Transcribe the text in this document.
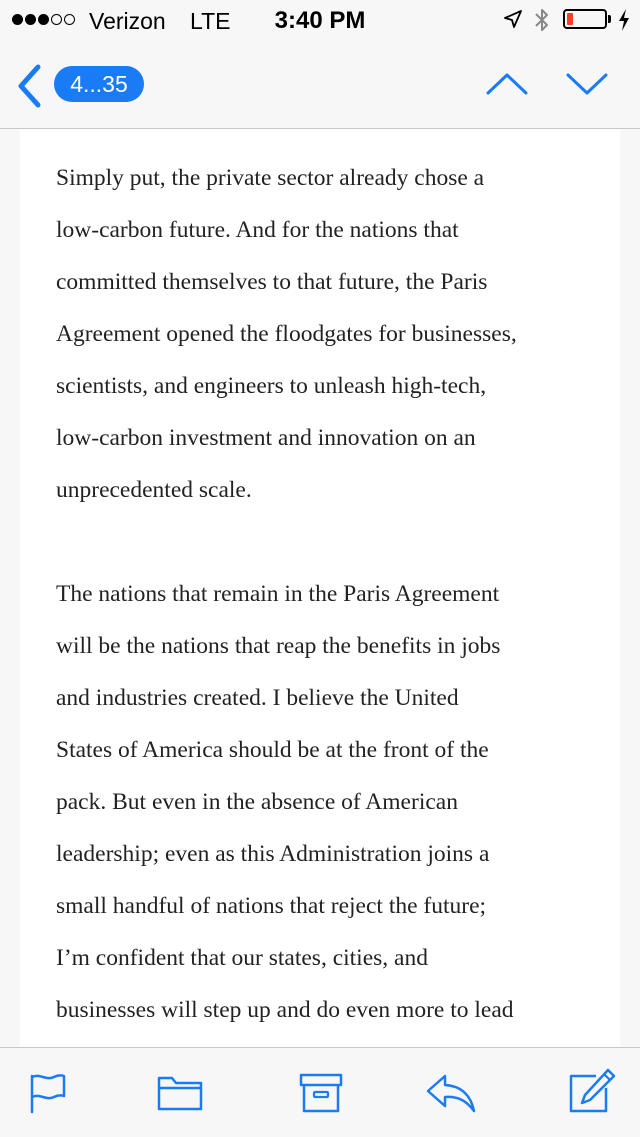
Verizon LTE	3:40 PM
4...35

Simply put, the private sector already chose a
low-carbon future. And for the nations that
committed themselves to that future, the Paris
Agreement opened the floodgates for businesses,
scientists, and engineers to unleash high-tech,
low-carbon investment and innovation on an
unprecedented scale.

The nations that remain in the Paris Agreement
will be the nations that reap the benefits in jobs
and industries created. I believe the United
States of America should be at the front of the
pack. But even in the absence of American
leadership; even as this Administration joins a
small handful of nations that reject the future;
I’m confident that our states, cities, and
businesses will step up and do even more to lead
